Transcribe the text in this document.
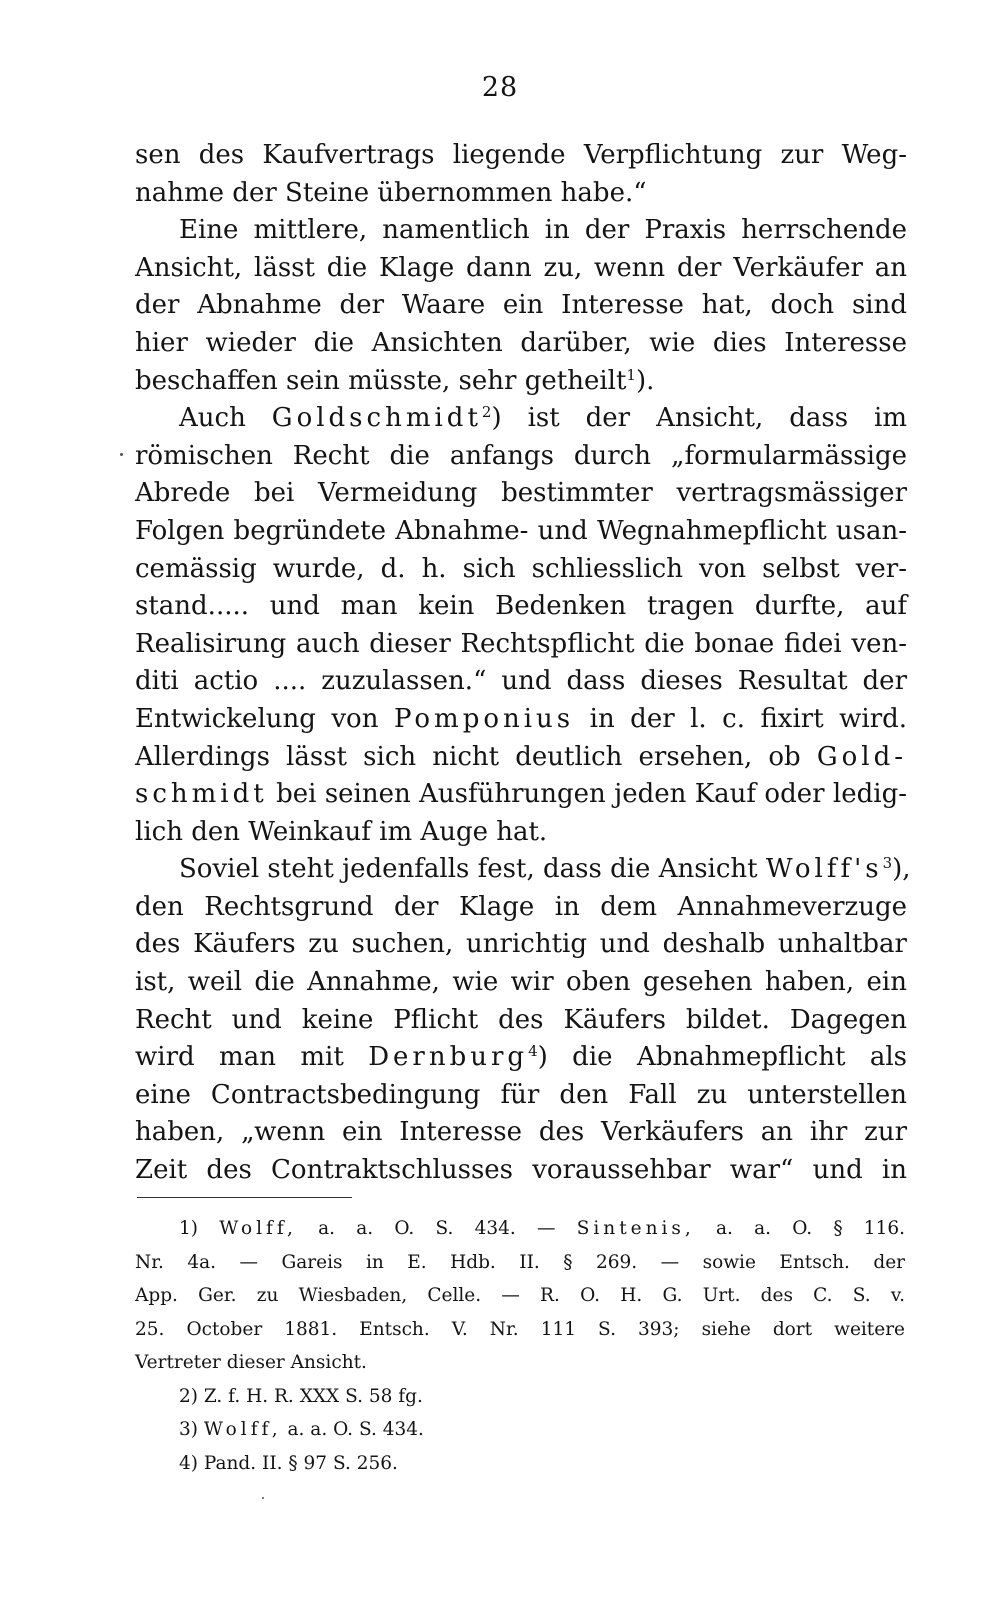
28
sen des Kaufvertrags liegende Verpflichtung zur Weg-
nahme der Steine übernommen habe.“
Eine mittlere, namentlich in der Praxis herrschende
Ansicht, lässt die Klage dann zu, wenn der Verkäufer an
der Abnahme der Waare ein Interesse hat, doch sind
hier wieder die Ansichten darüber, wie dies Interesse
beschaffen sein müsste, sehr getheilt$^1$).
Auch Goldschmidt$^2$) ist der Ansicht, dass im
römischen Recht die anfangs durch „formularmässige
Abrede bei Vermeidung bestimmter vertragsmässiger
Folgen begründete Abnahme- und Wegnahmepflicht usan-
cemässig wurde, d. h. sich schliesslich von selbst ver-
stand..... und man kein Bedenken tragen durfte, auf
Realisirung auch dieser Rechtspflicht die bonae fidei ven-
diti actio .... zuzulassen.“ und dass dieses Resultat der
Entwickelung von Pomponius in der l. c. fixirt wird.
Allerdings lässt sich nicht deutlich ersehen, ob Gold-
schmidt bei seinen Ausführungen jeden Kauf oder ledig-
lich den Weinkauf im Auge hat.
Soviel steht jedenfalls fest, dass die Ansicht $Wolff's^3$),
den Rechtsgrund der Klage in dem Annahmeverzuge
des Käufers zu suchen, unrichtig und deshalb unhaltbar
ist, weil die Annahme, wie wir oben gesehen haben, ein
Recht und keine Pflicht des Käufers bildet. Dagegen
wird man mit Dernburg$^4$) die Abnahmepflicht als
eine Contractsbedingung für den Fall zu unterstellen
haben, „wenn ein Interesse des Verkäufers an ihr zur
Zeit des Contraktschlusses voraussehbar war“ und in
1) Wolff, a. a. O. S. 434. — Sintenis, a. a. O. § 116.
Nr. 4a. — Gareis in E. Hdb. II. § 269. — sowie Entsch. der
App. Ger. zu Wiesbaden, Celle. — R. O. H. G. Urt. des C. S. v.
25. October 1881. Entsch. V. Nr. 111 S. 393; siehe dort weitere
Vertreter dieser Ansicht.
2) Z. f. H. R. XXX S. 58 fg.
3) Wolff, a. a. O. S. 434.
4) Pand. II. § 97 S. 256.
